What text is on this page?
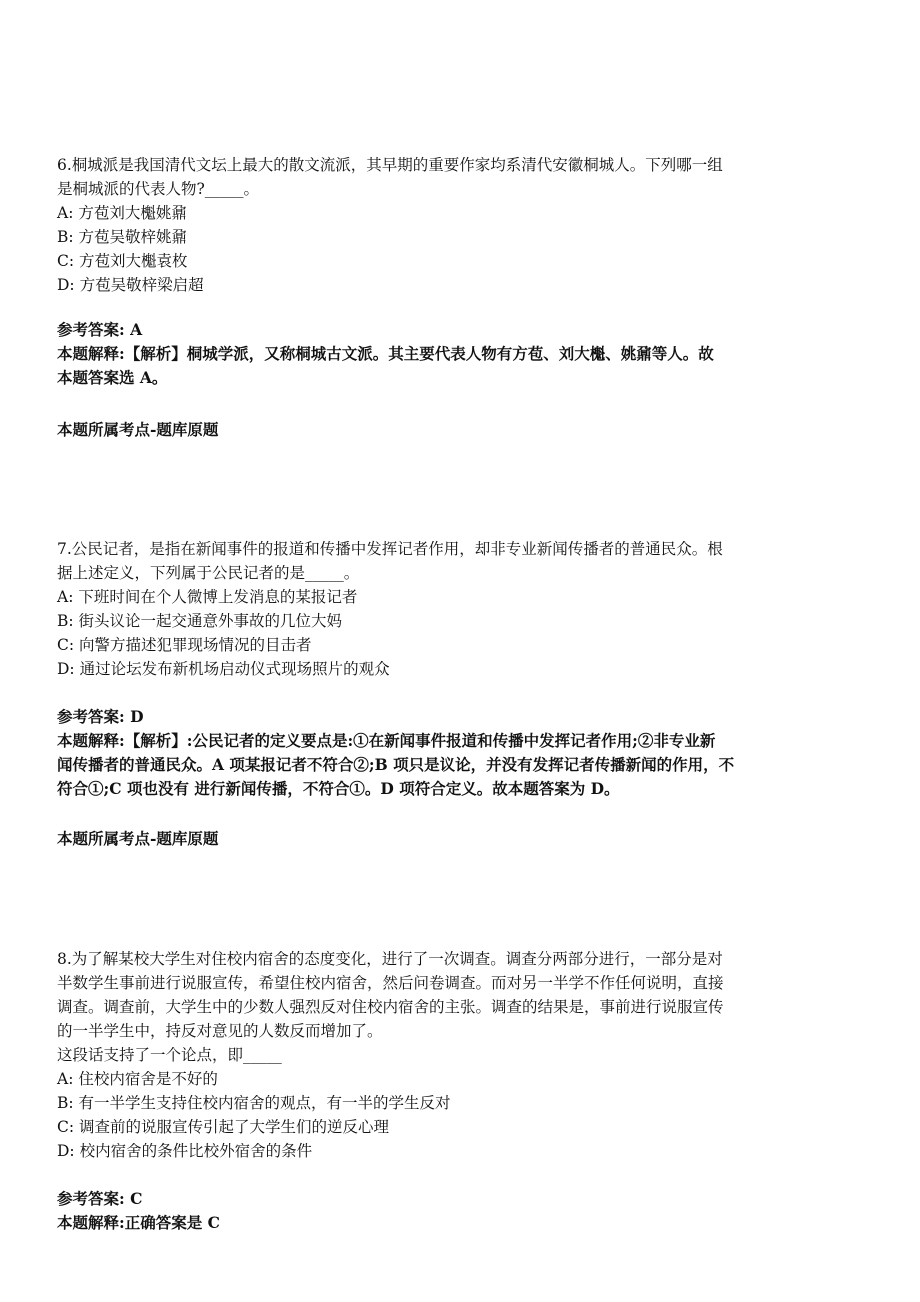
6.桐城派是我国清代文坛上最大的散文流派，其早期的重要作家均系清代安徽桐城人。下列哪一组
是桐城派的代表人物?_____。
A: 方苞刘大櫆姚鼐
B: 方苞吴敬梓姚鼐
C: 方苞刘大櫆袁枚
D: 方苞吴敬梓梁启超
参考答案: A
本题解释:【解析】桐城学派，又称桐城古文派。其主要代表人物有方苞、刘大櫆、姚鼐等人。故
本题答案选 A。
本题所属考点-题库原题
7.公民记者，是指在新闻事件的报道和传播中发挥记者作用，却非专业新闻传播者的普通民众。根
据上述定义，下列属于公民记者的是_____。
A: 下班时间在个人微博上发消息的某报记者
B: 街头议论一起交通意外事故的几位大妈
C: 向警方描述犯罪现场情况的目击者
D: 通过论坛发布新机场启动仪式现场照片的观众
参考答案: D
本题解释:【解析】:公民记者的定义要点是:①在新闻事件报道和传播中发挥记者作用;②非专业新
闻传播者的普通民众。A 项某报记者不符合②;B 项只是议论，并没有发挥记者传播新闻的作用，不
符合①;C 项也没有 进行新闻传播，不符合①。D 项符合定义。故本题答案为 D。
本题所属考点-题库原题
8.为了解某校大学生对住校内宿舍的态度变化，进行了一次调查。调查分两部分进行，一部分是对
半数学生事前进行说服宣传，希望住校内宿舍，然后问卷调查。而对另一半学不作任何说明，直接
调查。调查前，大学生中的少数人强烈反对住校内宿舍的主张。调查的结果是，事前进行说服宣传
的一半学生中，持反对意见的人数反而增加了。
这段话支持了一个论点，即_____
A: 住校内宿舍是不好的
B: 有一半学生支持住校内宿舍的观点，有一半的学生反对
C: 调查前的说服宣传引起了大学生们的逆反心理
D: 校内宿舍的条件比校外宿舍的条件
参考答案: C
本题解释:正确答案是 C
